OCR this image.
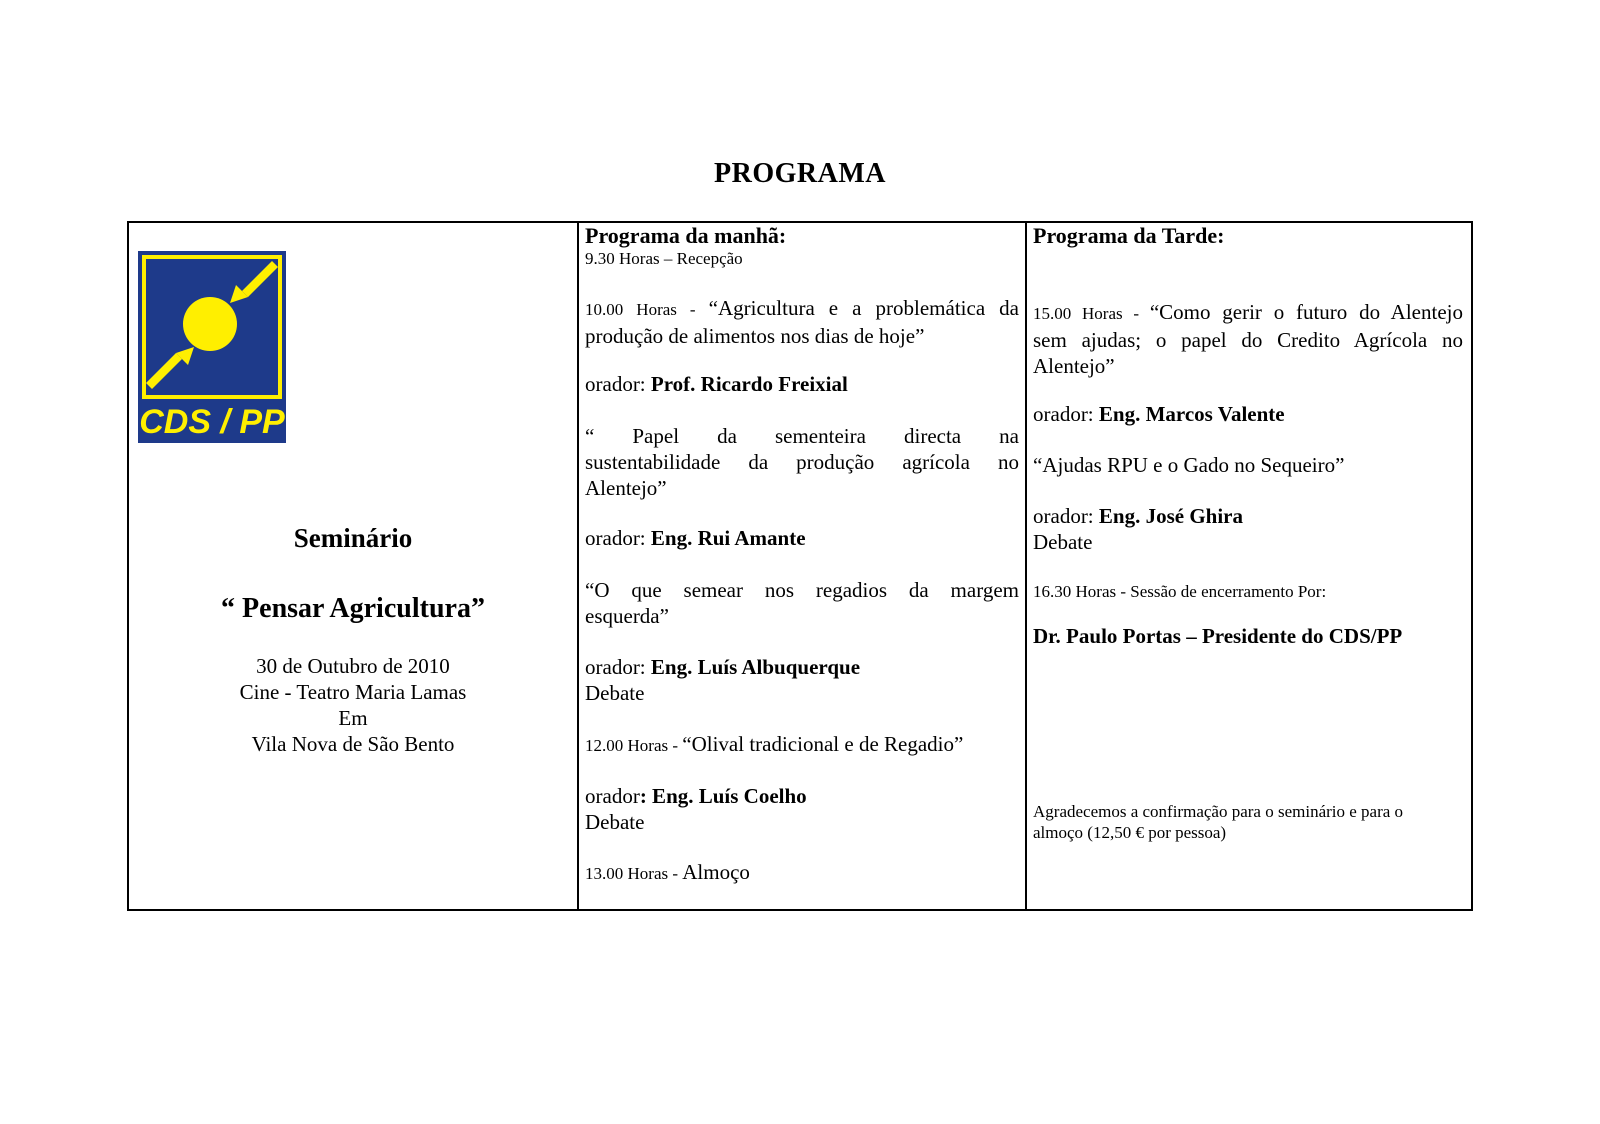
PROGRAMA
CDS / PP
Seminário
“ Pensar Agricultura”
30 de Outubro de 2010
Cine - Teatro Maria Lamas
Em
Vila Nova de São Bento
Programa da manhã:
9.30 Horas – Recepção
10.00 Horas - “Agricultura e a problemática da
produção de alimentos nos dias de hoje”
orador: Prof. Ricardo Freixial
“ Papel da sementeira directa na
sustentabilidade da produção agrícola no
Alentejo”
orador: Eng. Rui Amante
“O que semear nos regadios da margem
esquerda”
orador: Eng. Luís Albuquerque
Debate
12.00 Horas - “Olival tradicional e de Regadio”
orador: Eng. Luís Coelho
Debate
13.00 Horas - Almoço
Programa da Tarde:
15.00 Horas - “Como gerir o futuro do Alentejo
sem ajudas; o papel do Credito Agrícola no
Alentejo”
orador: Eng. Marcos Valente
“Ajudas RPU e o Gado no Sequeiro”
orador: Eng. José Ghira
Debate
16.30 Horas - Sessão de encerramento Por:
Dr. Paulo Portas – Presidente do CDS/PP
Agradecemos a confirmação para o seminário e para o
almoço (12,50 € por pessoa)
